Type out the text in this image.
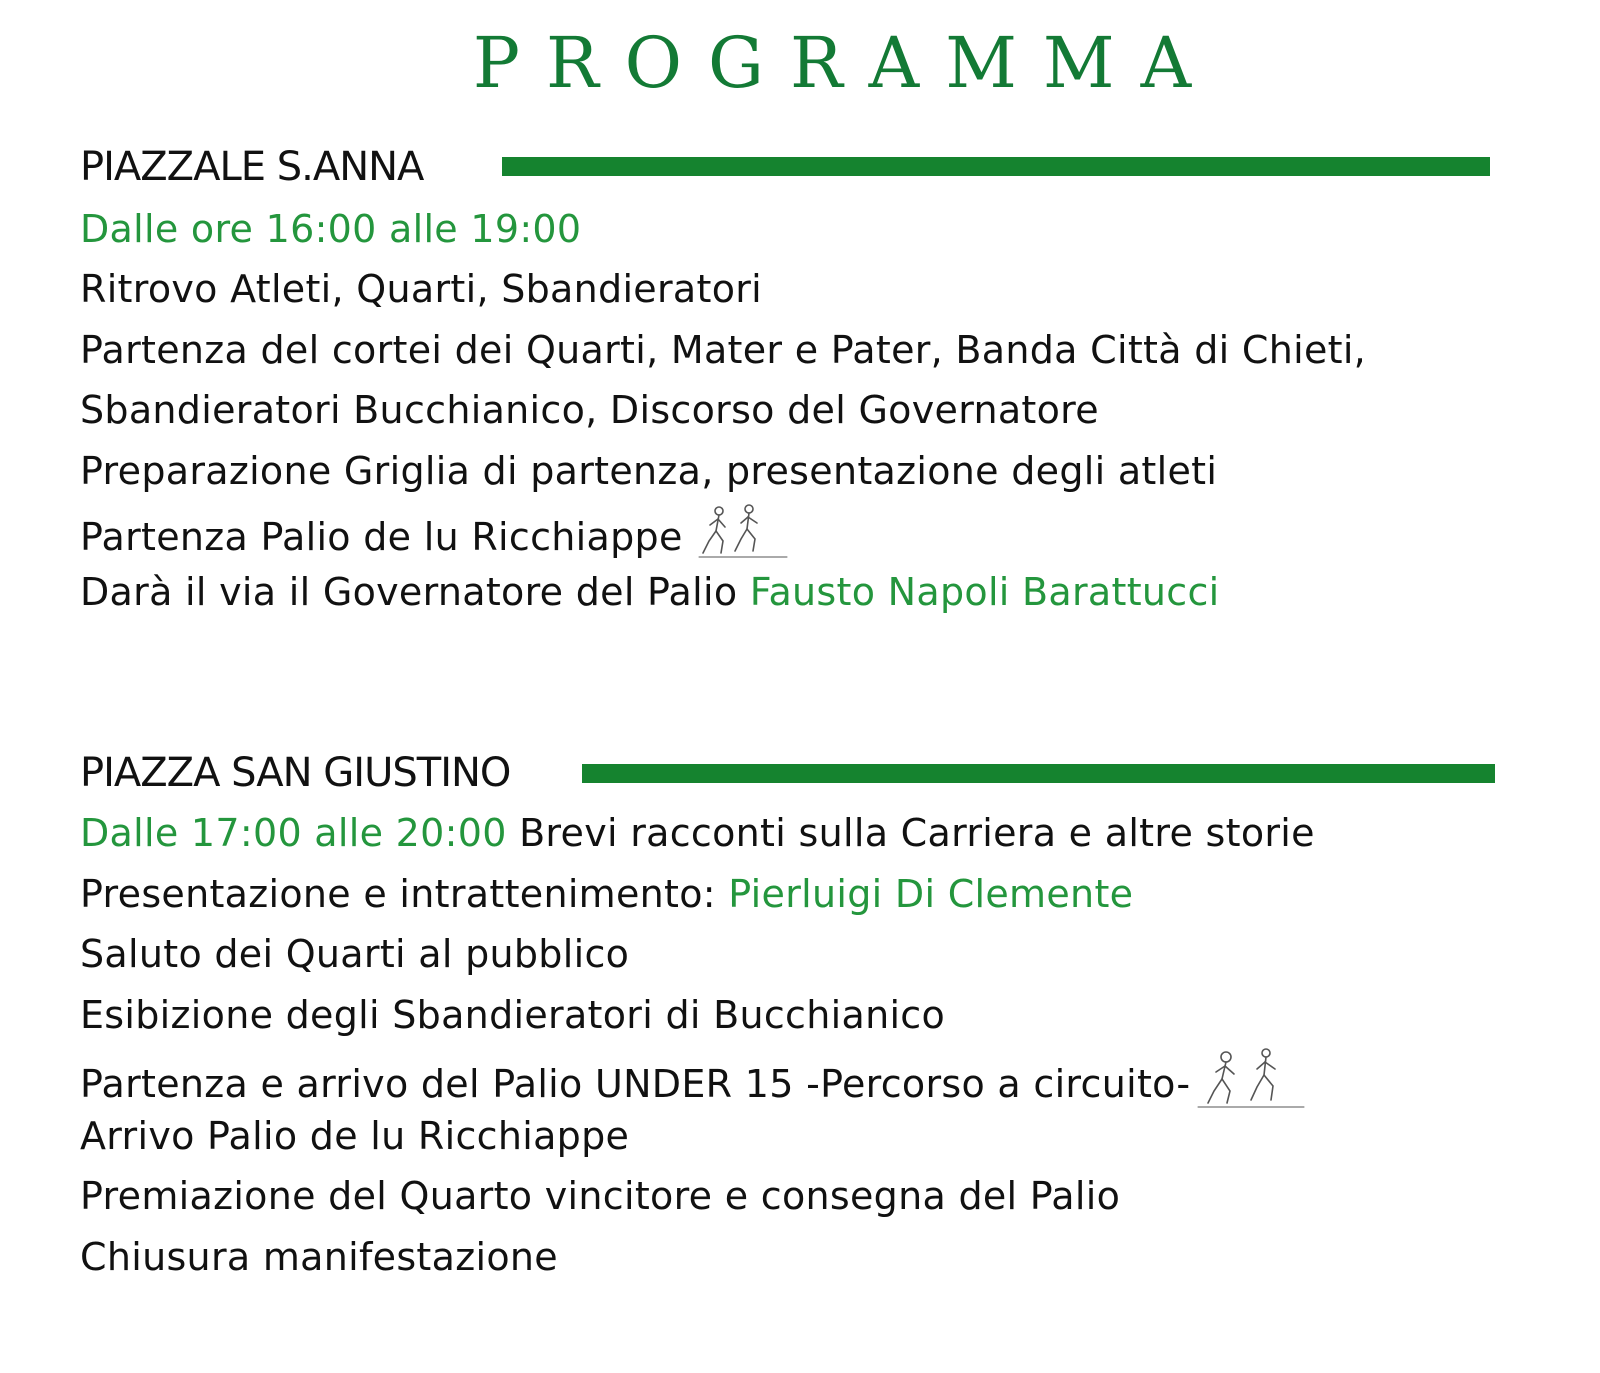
PROGRAMMA
PIAZZALE S.ANNA
Dalle ore 16:00 alle 19:00
Ritrovo Atleti, Quarti, Sbandieratori
Partenza del cortei dei Quarti, Mater e Pater, Banda Città di Chieti,
Sbandieratori Bucchianico, Discorso del Governatore
Preparazione Griglia di partenza, presentazione degli atleti
Partenza Palio de lu Ricchiappe
Darà il via il Governatore del Palio Fausto Napoli Barattucci
PIAZZA SAN GIUSTINO
Dalle 17:00 alle 20:00 Brevi racconti sulla Carriera e altre storie
Presentazione e intrattenimento: Pierluigi Di Clemente
Saluto dei Quarti al pubblico
Esibizione degli Sbandieratori di Bucchianico
Partenza e arrivo del Palio UNDER 15 -Percorso a circuito-
Arrivo Palio de lu Ricchiappe
Premiazione del Quarto vincitore e consegna del Palio
Chiusura manifestazione
